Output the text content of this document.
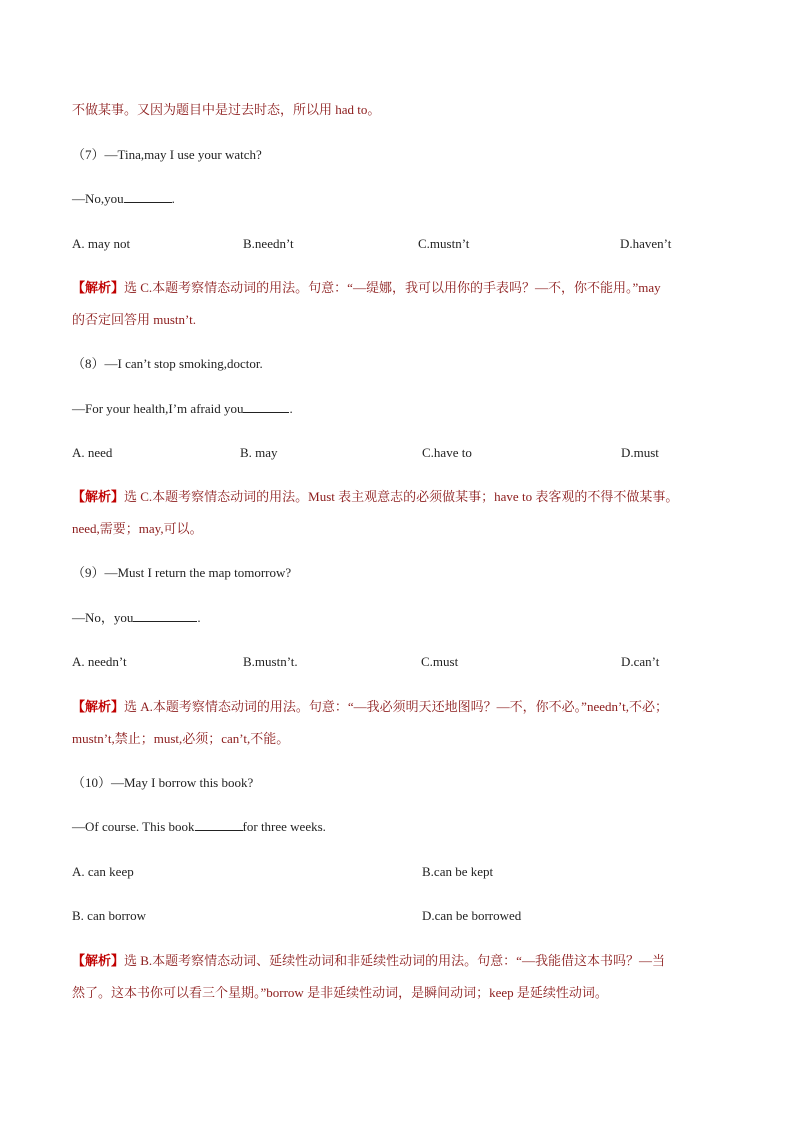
不做某事。又因为题目中是过去时态，所以用 had to。
（7）—Tina,may I use your watch?
—No,you	.
A. may not	B.needn’t	C.mustn’t	D.haven’t
【解析】选 C.本题考察情态动词的用法。句意：“—缇娜，我可以用你的手表吗？—不，你不能用。”may
的否定回答用 mustn’t.
（8）—I can’t stop smoking,doctor.
—For your health,I’m afraid you	.
A. need	B. may	C.have to	D.must
【解析】选 C.本题考察情态动词的用法。Must 表主观意志的必须做某事；have to 表客观的不得不做某事。
need,需要；may,可以。
（9）—Must I return the map tomorrow?
—No，you	.
A. needn’t	B.mustn’t.	C.must	D.can’t
【解析】选 A.本题考察情态动词的用法。句意：“—我必须明天还地图吗？—不，你不必。”needn’t,不必；
mustn’t,禁止；must,必须；can’t,不能。
（10）—May I borrow this book?
—Of course. This book	for three weeks.
A. can keep	B.can be kept
B. can borrow	D.can be borrowed
【解析】选 B.本题考察情态动词、延续性动词和非延续性动词的用法。句意：“—我能借这本书吗？—当
然了。这本书你可以看三个星期。”borrow 是非延续性动词，是瞬间动词；keep 是延续性动词。
